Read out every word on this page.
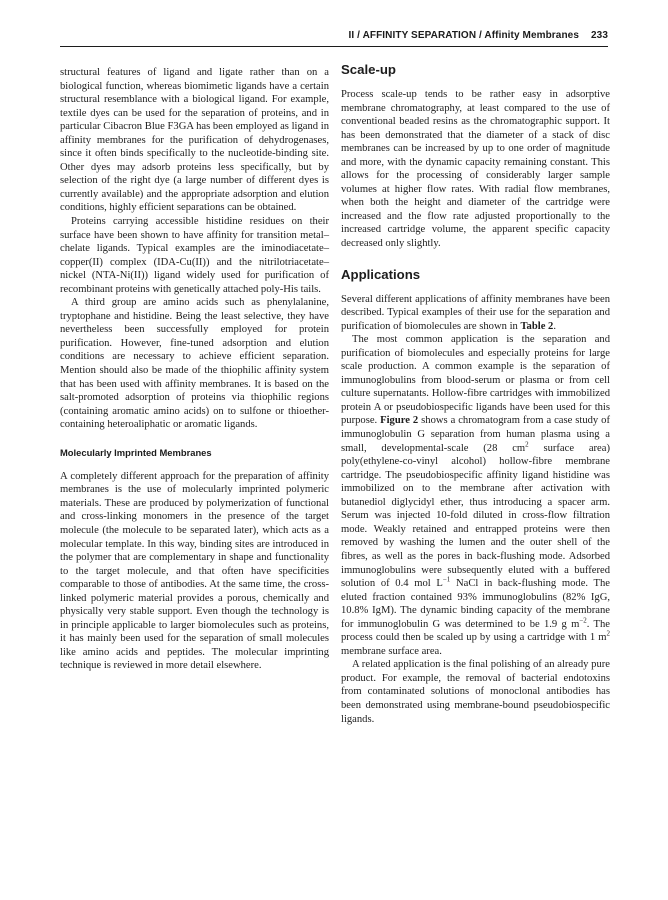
II / AFFINITY SEPARATION / Affinity Membranes 233

structural features of ligand and ligate rather than on a biological function, whereas biomimetic ligands have a certain structural resemblance with a biological ligand. For example, textile dyes can be used for the separation of proteins, and in particular Cibacron Blue F3GA has been employed as ligand in affinity membranes for the purification of dehydrogenases, since it often binds specifically to the nucleotide-binding site. Other dyes may adsorb proteins less specifically, but by selection of the right dye (a large number of different dyes is currently available) and the appropriate adsorption and elution conditions, highly efficient separations can be obtained.

Proteins carrying accessible histidine residues on their surface have been shown to have affinity for transition metal–chelate ligands. Typical examples are the iminodiacetate–copper(II) complex (IDA-Cu(II)) and the nitrilotriacetate–nickel (NTA-Ni(II)) ligand widely used for purification of recombinant proteins with genetically attached poly-His tails.

A third group are amino acids such as phenylalanine, tryptophane and histidine. Being the least selective, they have nevertheless been successfully employed for protein purification. However, fine-tuned adsorption and elution conditions are necessary to achieve efficient separation. Mention should also be made of the thiophilic affinity system that has been used with affinity membranes. It is based on the salt-promoted adsorption of proteins via thiophilic regions (containing aromatic amino acids) on to sulfone or thioether-containing heteroaliphatic or aromatic ligands.

Molecularly Imprinted Membranes

A completely different approach for the preparation of affinity membranes is the use of molecularly imprinted polymeric materials. These are produced by polymerization of functional and cross-linking monomers in the presence of the target molecule (the molecule to be separated later), which acts as a molecular template. In this way, binding sites are introduced in the polymer that are complementary in shape and functionality to the target molecule, and that often have specificities comparable to those of antibodies. At the same time, the cross-linked polymeric material provides a porous, chemically and physically very stable support. Even though the technology is in principle applicable to larger biomolecules such as proteins, it has mainly been used for the separation of small molecules like amino acids and peptides. The molecular imprinting technique is reviewed in more detail elsewhere.

Scale-up

Process scale-up tends to be rather easy in adsorptive membrane chromatography, at least compared to the use of conventional beaded resins as the chromatographic support. It has been demonstrated that the diameter of a stack of disc membranes can be increased by up to one order of magnitude and more, with the dynamic capacity remaining constant. This allows for the processing of considerably larger sample volumes at higher flow rates. With radial flow membranes, when both the height and diameter of the cartridge were increased and the flow rate adjusted proportionally to the increased cartridge volume, the apparent specific capacity decreased only slightly.

Applications

Several different applications of affinity membranes have been described. Typical examples of their use for the separation and purification of biomolecules are shown in Table 2.

The most common application is the separation and purification of biomolecules and especially proteins for large scale production. A common example is the separation of immunoglobulins from blood-serum or plasma or from cell culture supernatants. Hollow-fibre cartridges with immobilized protein A or pseudobiospecific ligands have been used for this purpose. Figure 2 shows a chromatogram from a case study of immunoglobulin G separation from human plasma using a small, developmental-scale (28 $cm^2$ surface area) poly(ethylene-co-vinyl alcohol) hollow-fibre membrane cartridge. The pseudobiospecific affinity ligand histidine was immobilized on to the membrane after activation with butanediol diglycidyl ether, thus introducing a spacer arm. Serum was injected 10-fold diluted in cross-flow filtration mode. Weakly retained and entrapped proteins were then removed by washing the lumen and the outer shell of the fibres, as well as the pores in back-flushing mode. Adsorbed immunoglobulins were subsequently eluted with a buffered solution of 0.4 mol $L^{-1}$ NaCl in back-flushing mode. The eluted fraction contained 93% immunoglobulins (82% IgG, 10.8% IgM). The dynamic binding capacity of the membrane for immunoglobulin G was determined to be 1.9 g $m^{-2}$. The process could then be scaled up by using a cartridge with 1 $m^2$ membrane surface area.

A related application is the final polishing of an already pure product. For example, the removal of bacterial endotoxins from contaminated solutions of monoclonal antibodies has been demonstrated using membrane-bound pseudobiospecific ligands.
